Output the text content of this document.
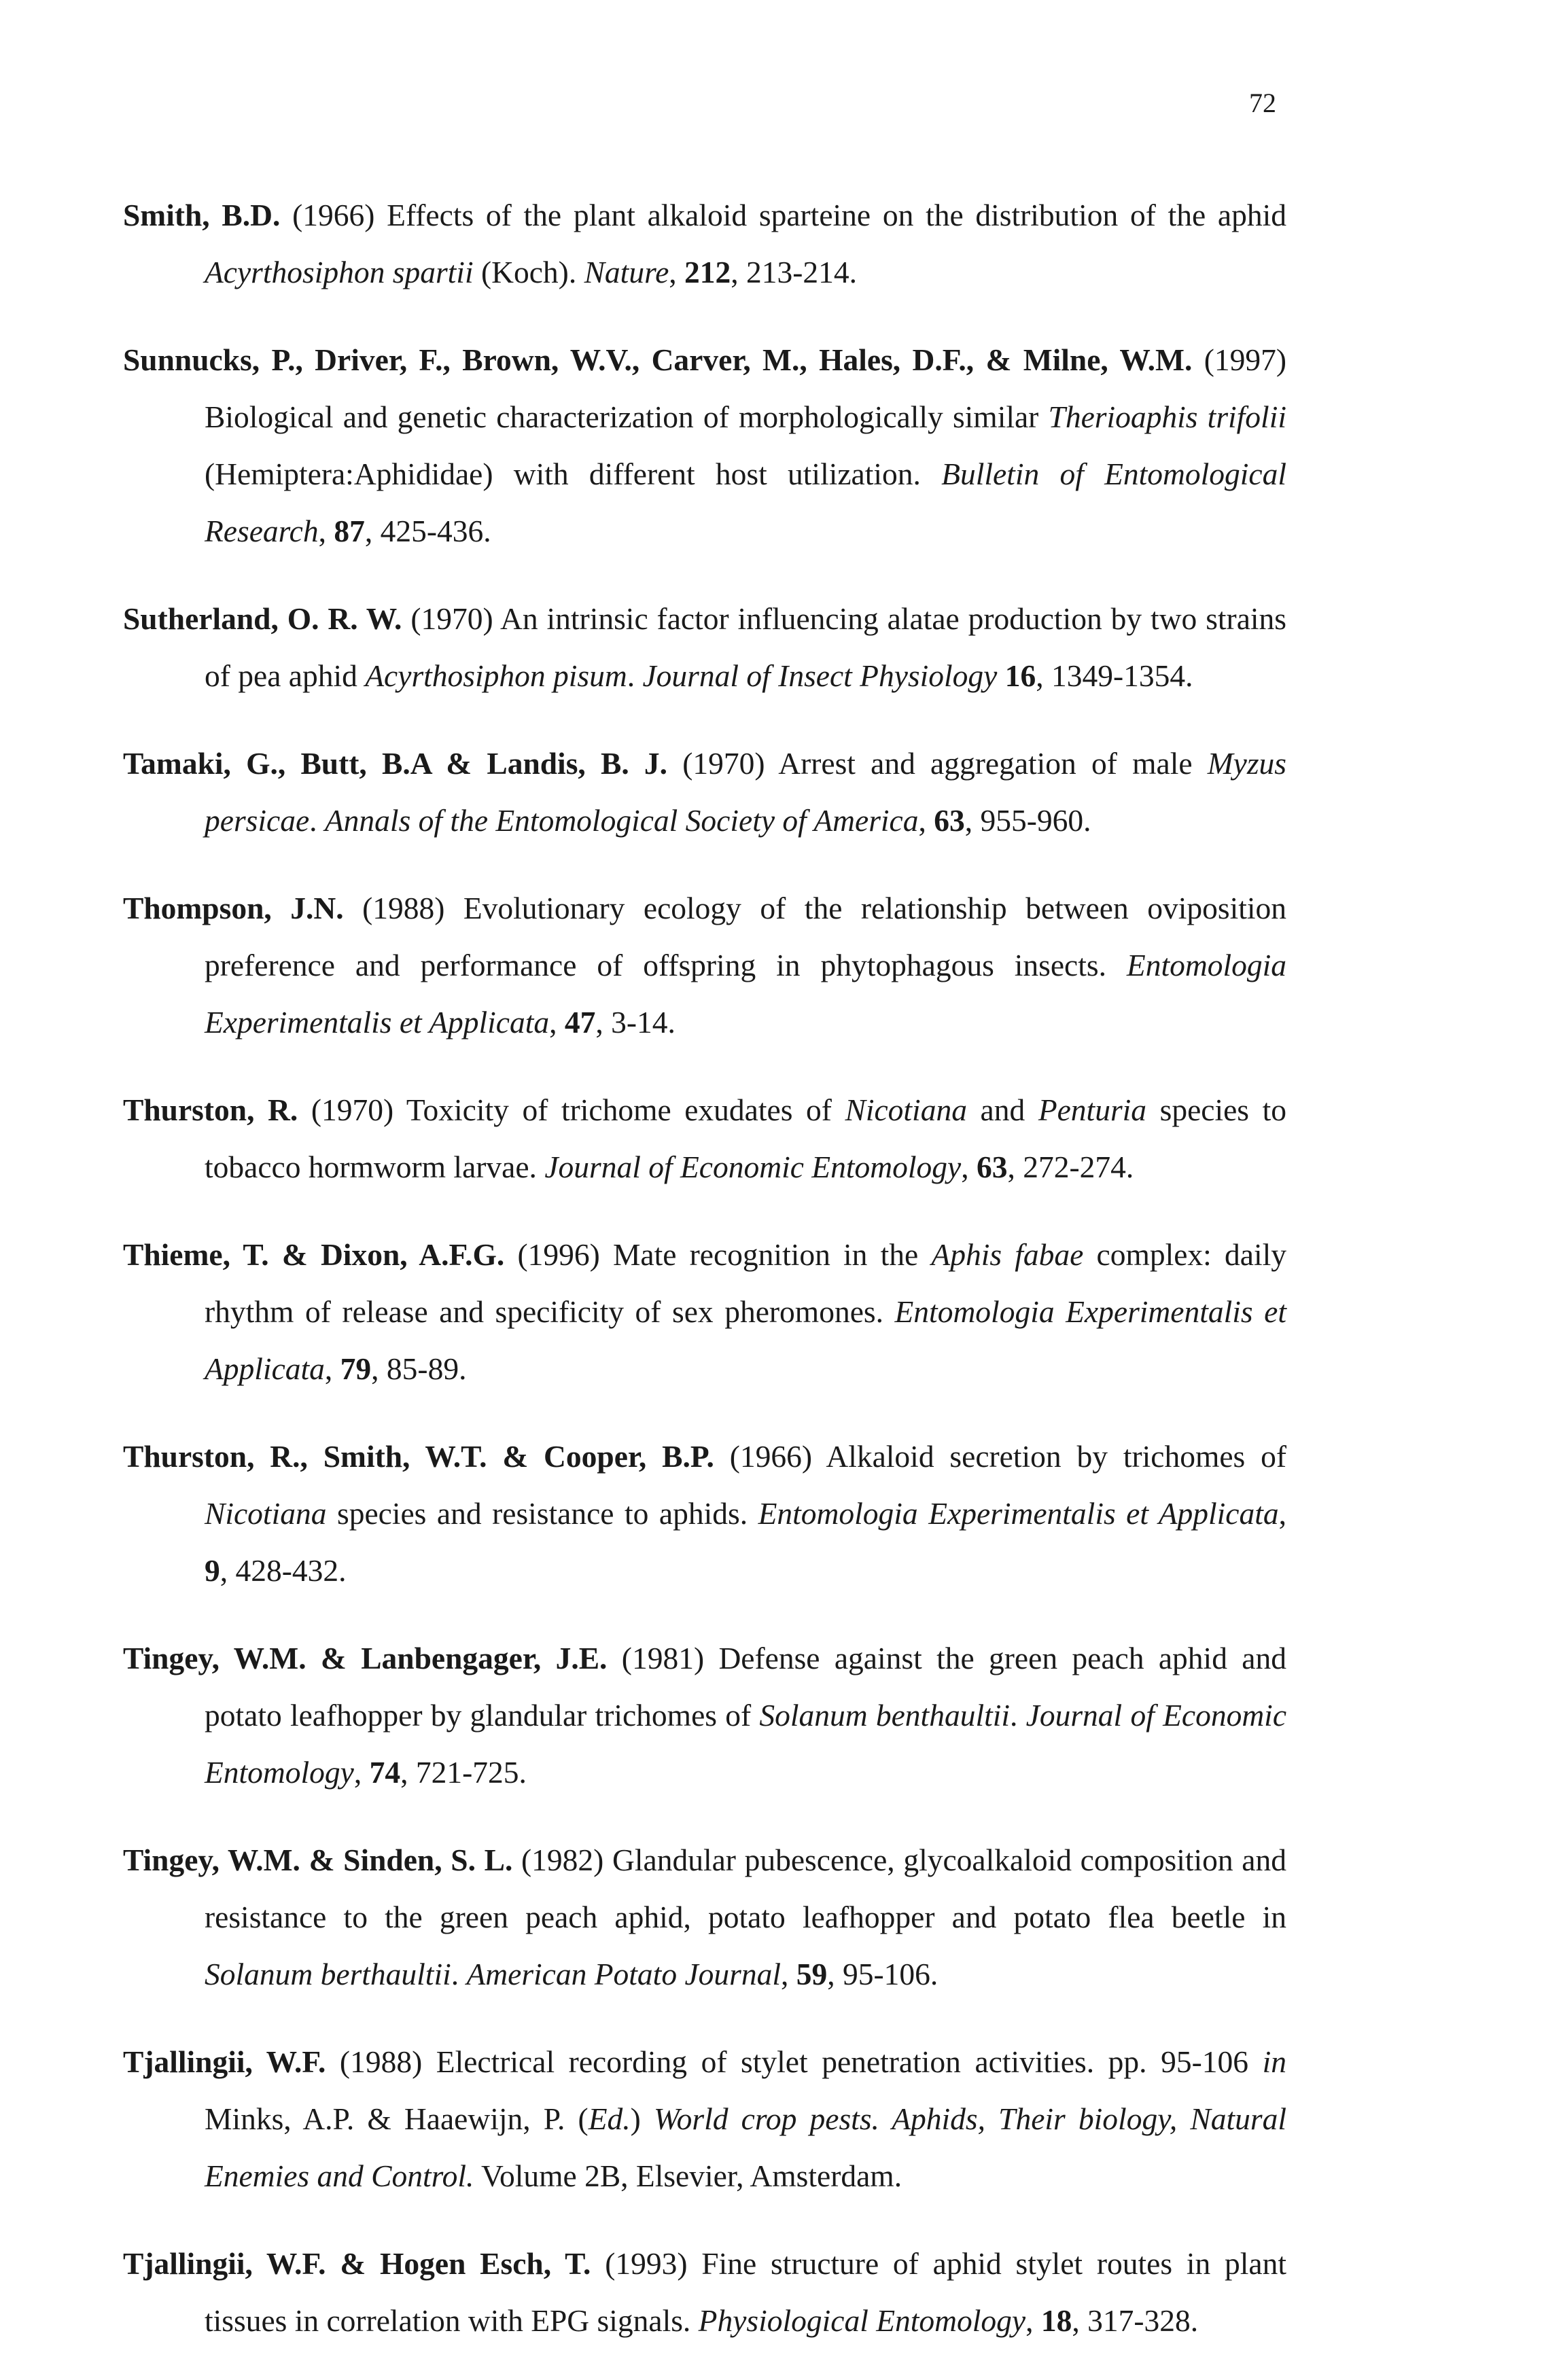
72

Smith, B.D. (1966) Effects of the plant alkaloid sparteine on the distribution of the aphid Acyrthosiphon spartii (Koch). Nature, 212, 213-214.

Sunnucks, P., Driver, F., Brown, W.V., Carver, M., Hales, D.F., & Milne, W.M. (1997) Biological and genetic characterization of morphologically similar Therioaphis trifolii (Hemiptera:Aphididae) with different host utilization. Bulletin of Entomological Research, 87, 425-436.

Sutherland, O. R. W. (1970) An intrinsic factor influencing alatae production by two strains of pea aphid Acyrthosiphon pisum. Journal of Insect Physiology 16, 1349-1354.

Tamaki, G., Butt, B.A & Landis, B. J. (1970) Arrest and aggregation of male Myzus persicae. Annals of the Entomological Society of America, 63, 955-960.

Thompson, J.N. (1988) Evolutionary ecology of the relationship between oviposition preference and performance of offspring in phytophagous insects. Entomologia Experimentalis et Applicata, 47, 3-14.

Thurston, R. (1970) Toxicity of trichome exudates of Nicotiana and Penturia species to tobacco hormworm larvae. Journal of Economic Entomology, 63, 272-274.

Thieme, T. & Dixon, A.F.G. (1996) Mate recognition in the Aphis fabae complex: daily rhythm of release and specificity of sex pheromones. Entomologia Experimentalis et Applicata, 79, 85-89.

Thurston, R., Smith, W.T. & Cooper, B.P. (1966) Alkaloid secretion by trichomes of Nicotiana species and resistance to aphids. Entomologia Experimentalis et Applicata, 9, 428-432.

Tingey, W.M. & Lanbengager, J.E. (1981) Defense against the green peach aphid and potato leafhopper by glandular trichomes of Solanum benthaultii. Journal of Economic Entomology, 74, 721-725.

Tingey, W.M. & Sinden, S. L. (1982) Glandular pubescence, glycoalkaloid composition and resistance to the green peach aphid, potato leafhopper and potato flea beetle in Solanum berthaultii. American Potato Journal, 59, 95-106.

Tjallingii, W.F. (1988) Electrical recording of stylet penetration activities. pp. 95-106 in Minks, A.P. & Haaewijn, P. (Ed.) World crop pests. Aphids, Their biology, Natural Enemies and Control. Volume 2B, Elsevier, Amsterdam.

Tjallingii, W.F. & Hogen Esch, T. (1993) Fine structure of aphid stylet routes in plant tissues in correlation with EPG signals. Physiological Entomology, 18, 317-328.
